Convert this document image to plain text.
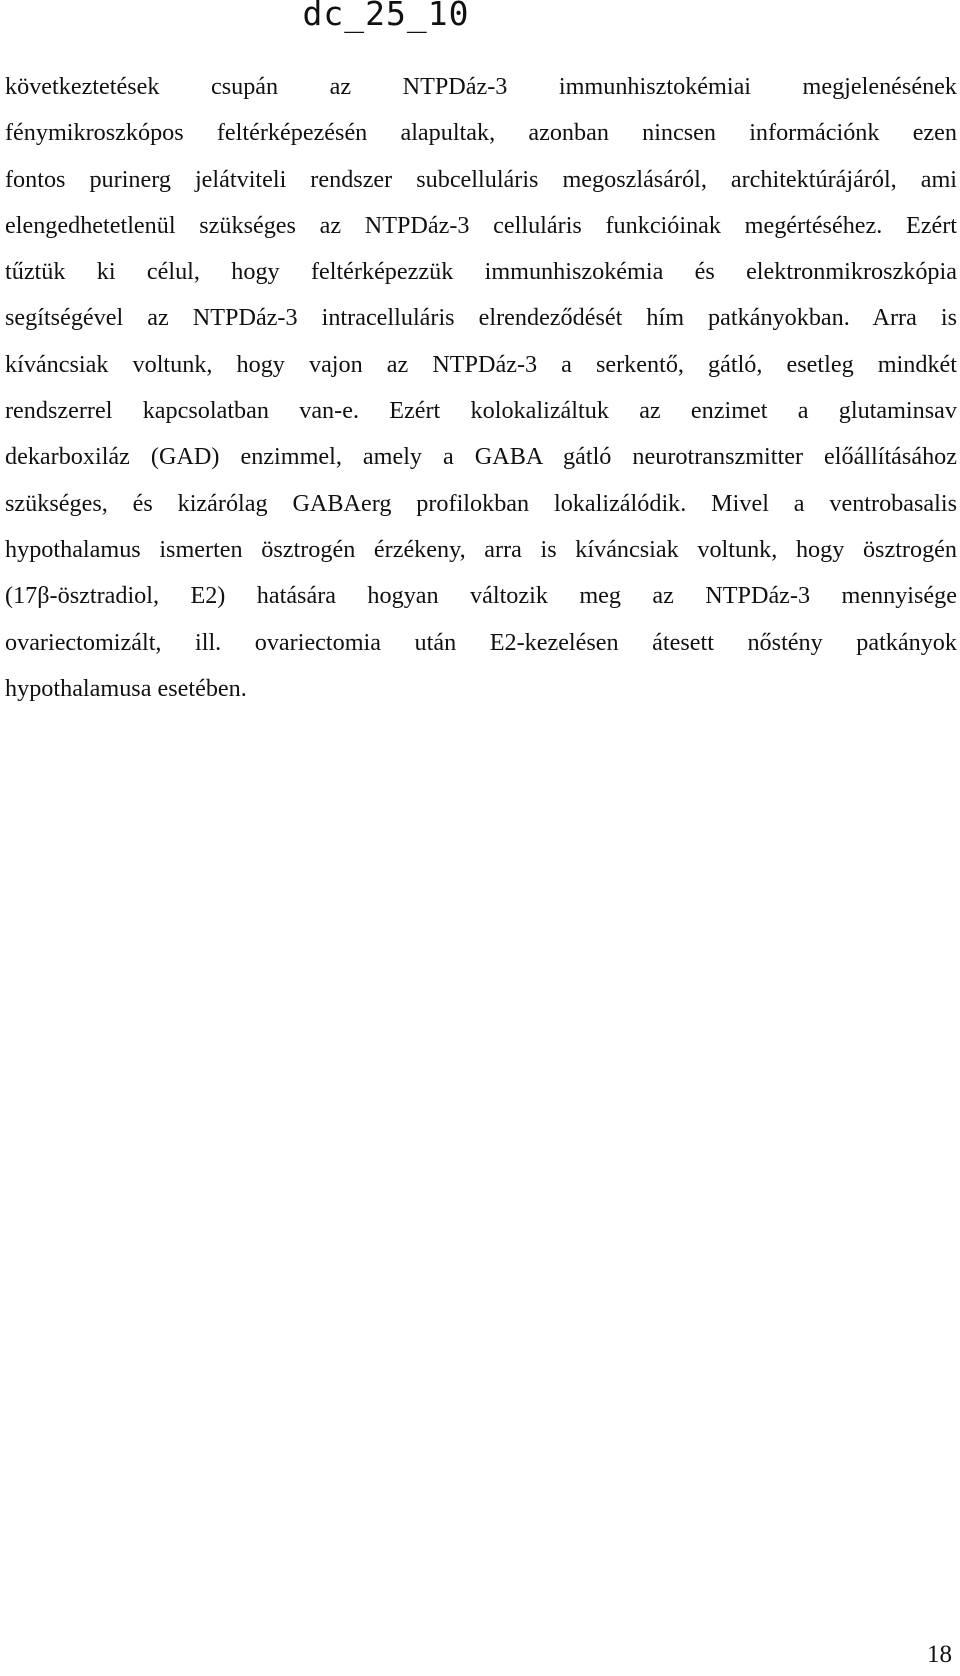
dc_25_10

következtetések csupán az NTPDáz-3 immunhisztokémiai megjelenésének
fénymikroszkópos feltérképezésén alapultak, azonban nincsen információnk ezen
fontos purinerg jelátviteli rendszer subcelluláris megoszlásáról, architektúrájáról, ami
elengedhetetlenül szükséges az NTPDáz-3 celluláris funkcióinak megértéséhez. Ezért
tűztük ki célul, hogy feltérképezzük immunhiszokémia és elektronmikroszkópia
segítségével az NTPDáz-3 intracelluláris elrendeződését hím patkányokban. Arra is
kíváncsiak voltunk, hogy vajon az NTPDáz-3 a serkentő, gátló, esetleg mindkét
rendszerrel kapcsolatban van-e. Ezért kolokalizáltuk az enzimet a glutaminsav
dekarboxiláz (GAD) enzimmel, amely a GABA gátló neurotranszmitter előállításához
szükséges, és kizárólag GABAerg profilokban lokalizálódik. Mivel a ventrobasalis
hypothalamus ismerten ösztrogén érzékeny, arra is kíváncsiak voltunk, hogy ösztrogén
(17β-ösztradiol, E2) hatására hogyan változik meg az NTPDáz-3 mennyisége
ovariectomizált, ill. ovariectomia után E2-kezelésen átesett nőstény patkányok
hypothalamusa esetében.

18
